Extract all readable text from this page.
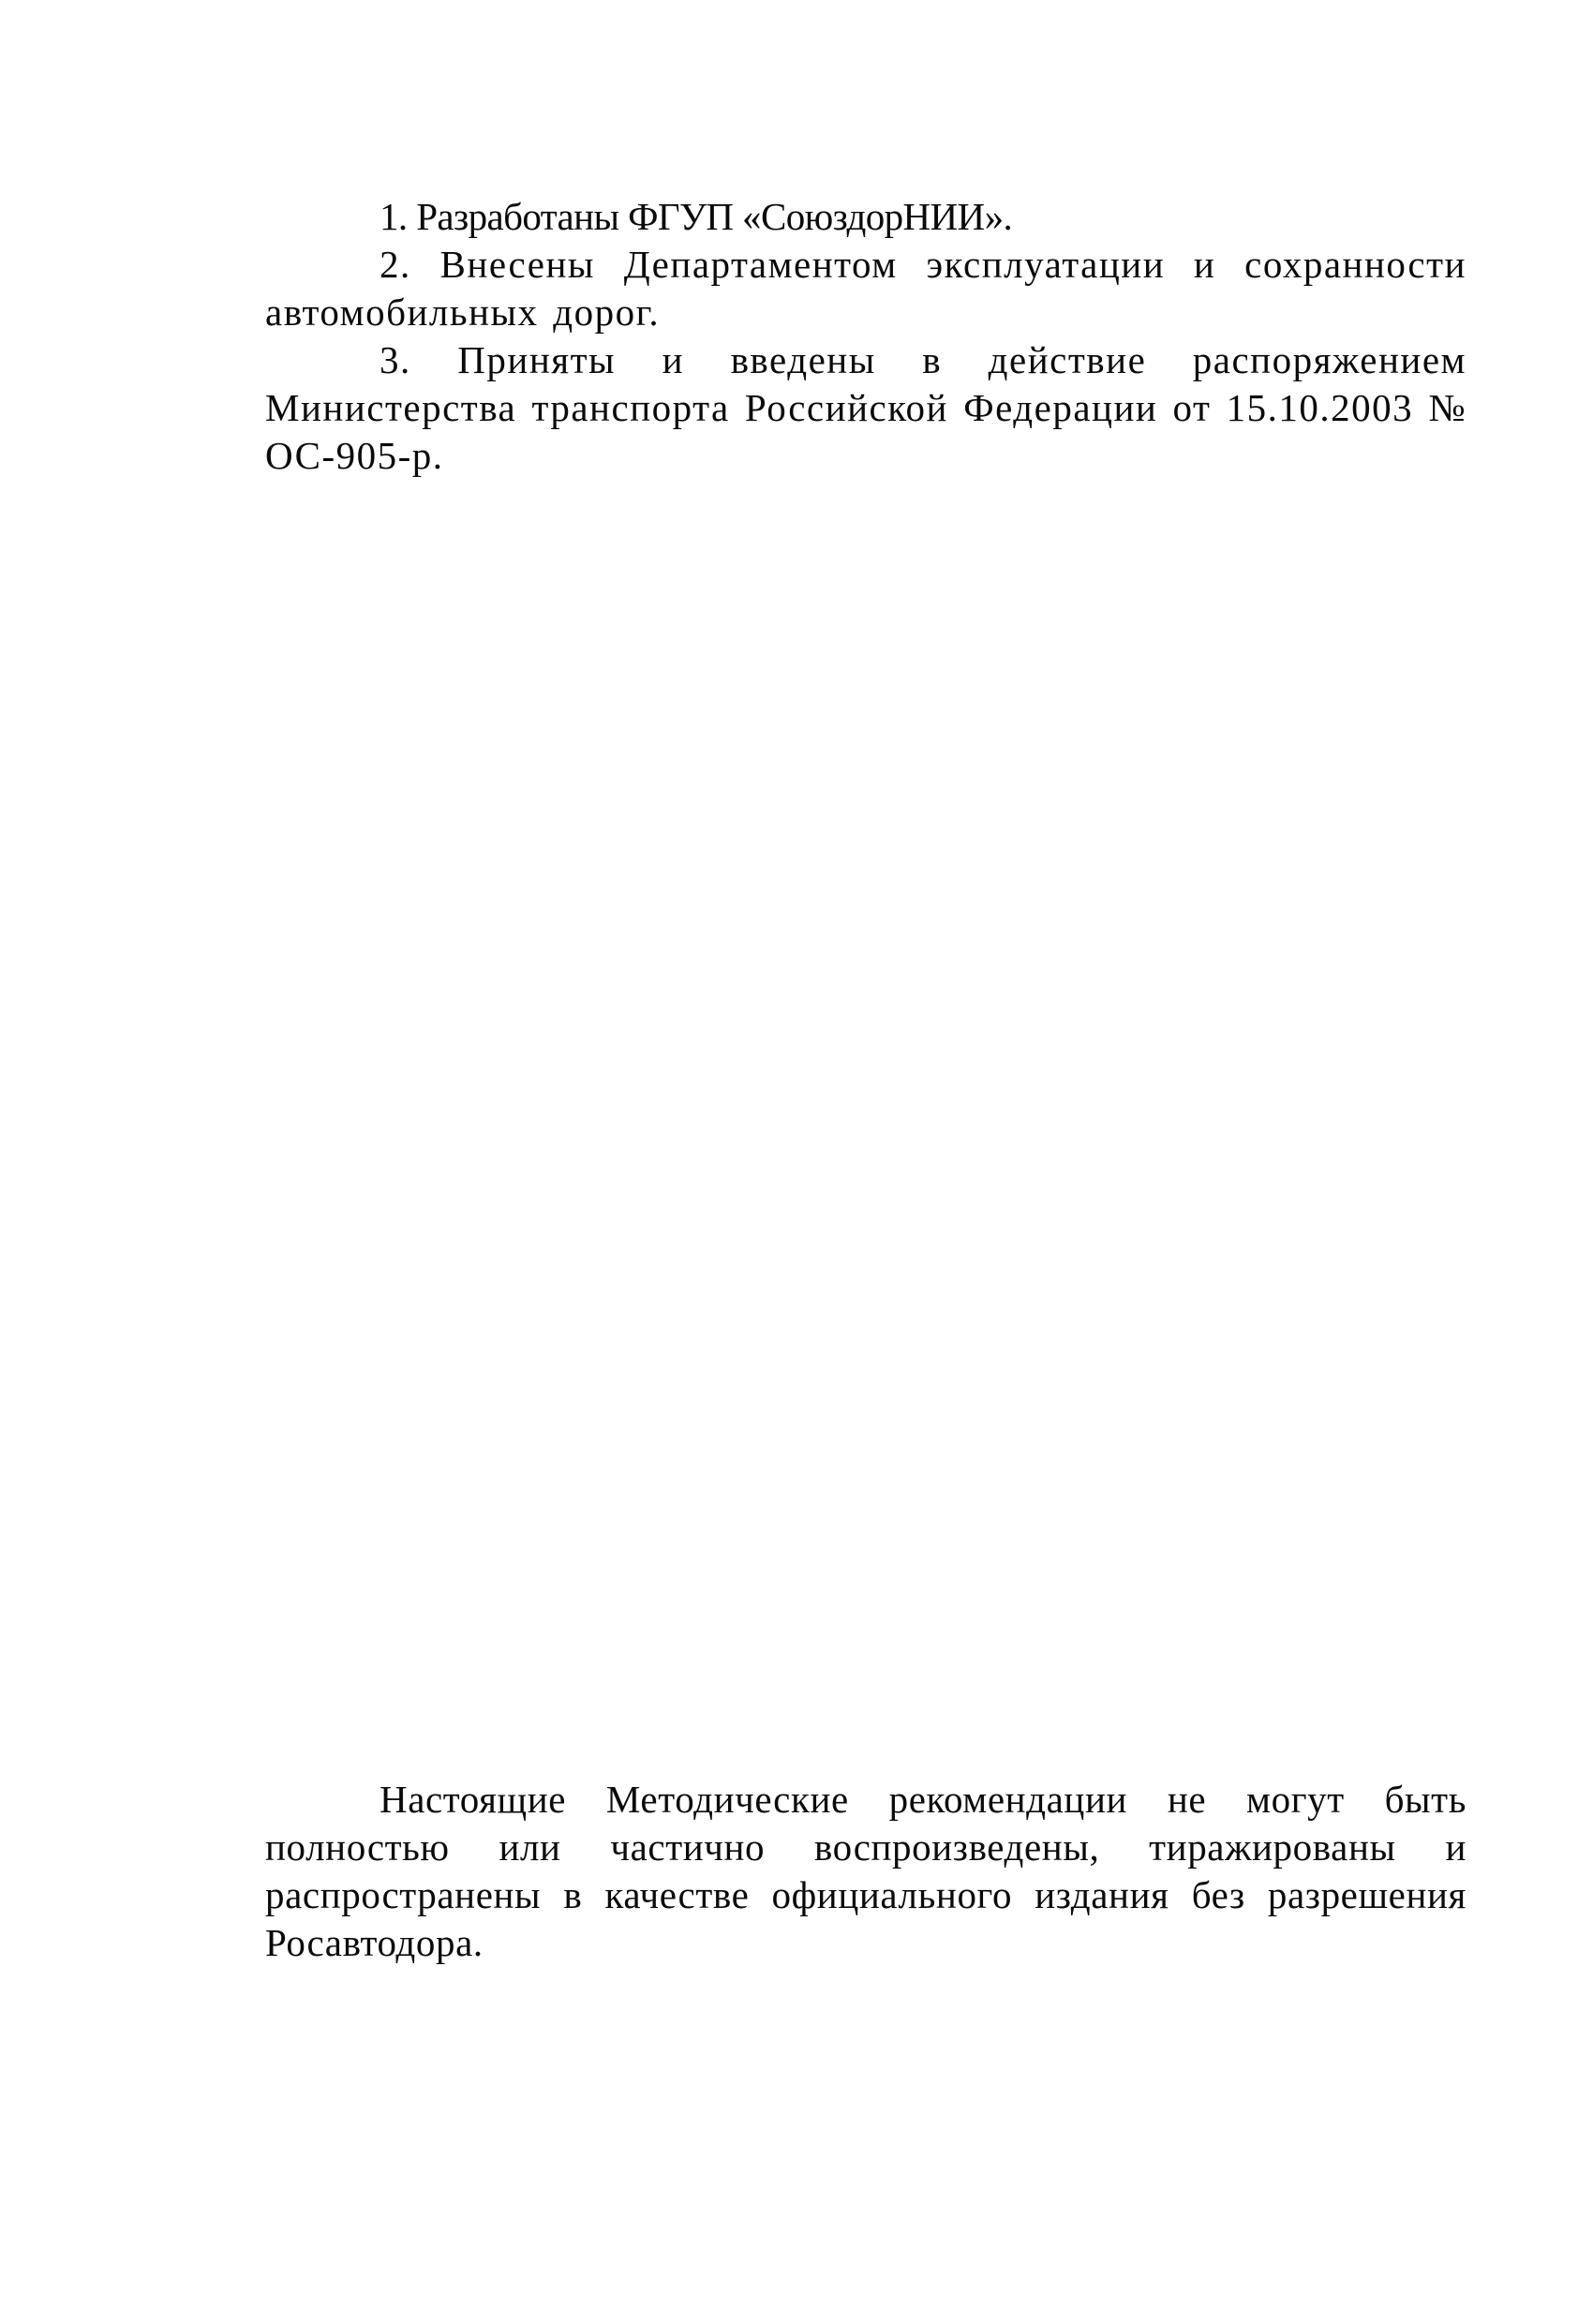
1. Разработаны ФГУП «СоюздорНИИ».

2. Внесены Департаментом эксплуатации и сохранности автомобильных дорог.

3. Приняты и введены в действие распоряжением Министерства транспорта Российской Федерации от 15.10.2003 № ОС-905-р.

Настоящие Методические рекомендации не могут быть полностью или частично воспроизведены, тиражированы и распространены в качестве официального издания без разрешения Росавтодора.
